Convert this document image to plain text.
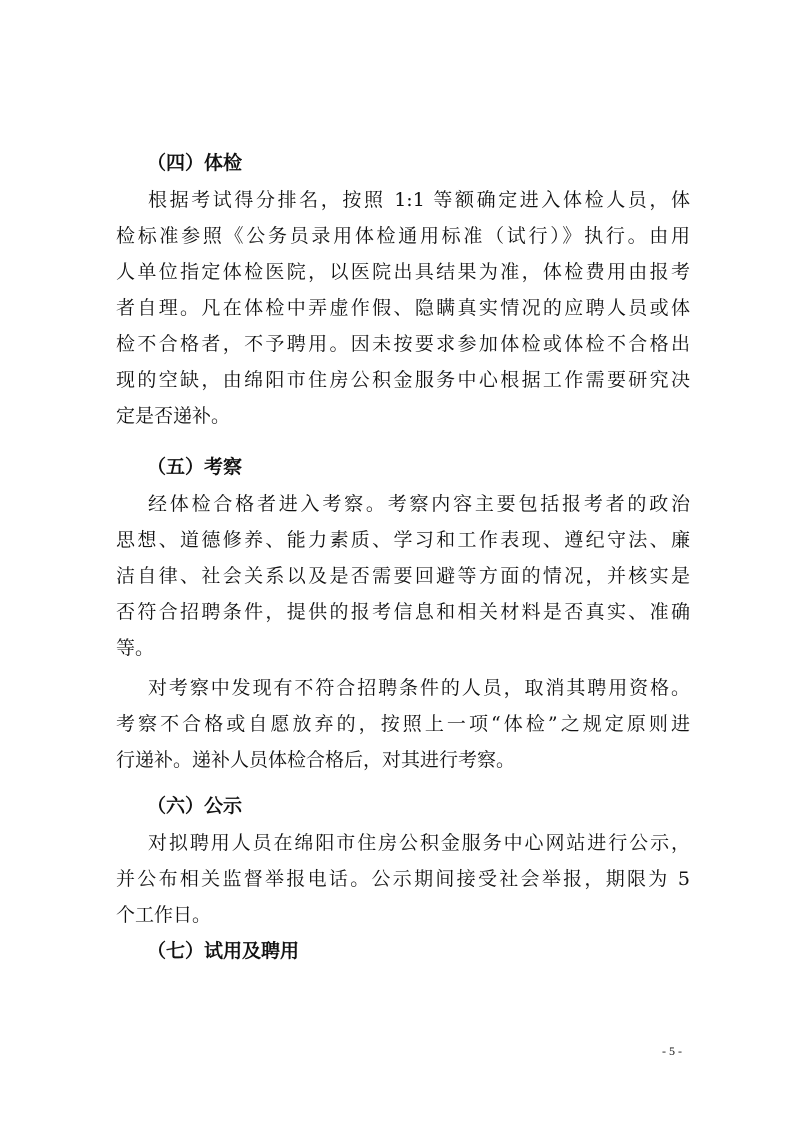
（四）体检
根据考试得分排名，按照 1:1 等额确定进入体检人员，体
检标准参照《公务员录用体检通用标准（试行）》执行。由用
人单位指定体检医院，以医院出具结果为准，体检费用由报考
者自理。凡在体检中弄虚作假、隐瞒真实情况的应聘人员或体
检不合格者，不予聘用。因未按要求参加体检或体检不合格出
现的空缺，由绵阳市住房公积金服务中心根据工作需要研究决
定是否递补。
（五）考察
经体检合格者进入考察。考察内容主要包括报考者的政治
思想、道德修养、能力素质、学习和工作表现、遵纪守法、廉
洁自律、社会关系以及是否需要回避等方面的情况，并核实是
否符合招聘条件，提供的报考信息和相关材料是否真实、准确
等。
对考察中发现有不符合招聘条件的人员，取消其聘用资格。
考察不合格或自愿放弃的，按照上一项“体检”之规定原则进
行递补。递补人员体检合格后，对其进行考察。
（六）公示
对拟聘用人员在绵阳市住房公积金服务中心网站进行公示，
并公布相关监督举报电话。公示期间接受社会举报，期限为 5
个工作日。
（七）试用及聘用
- 5 -
